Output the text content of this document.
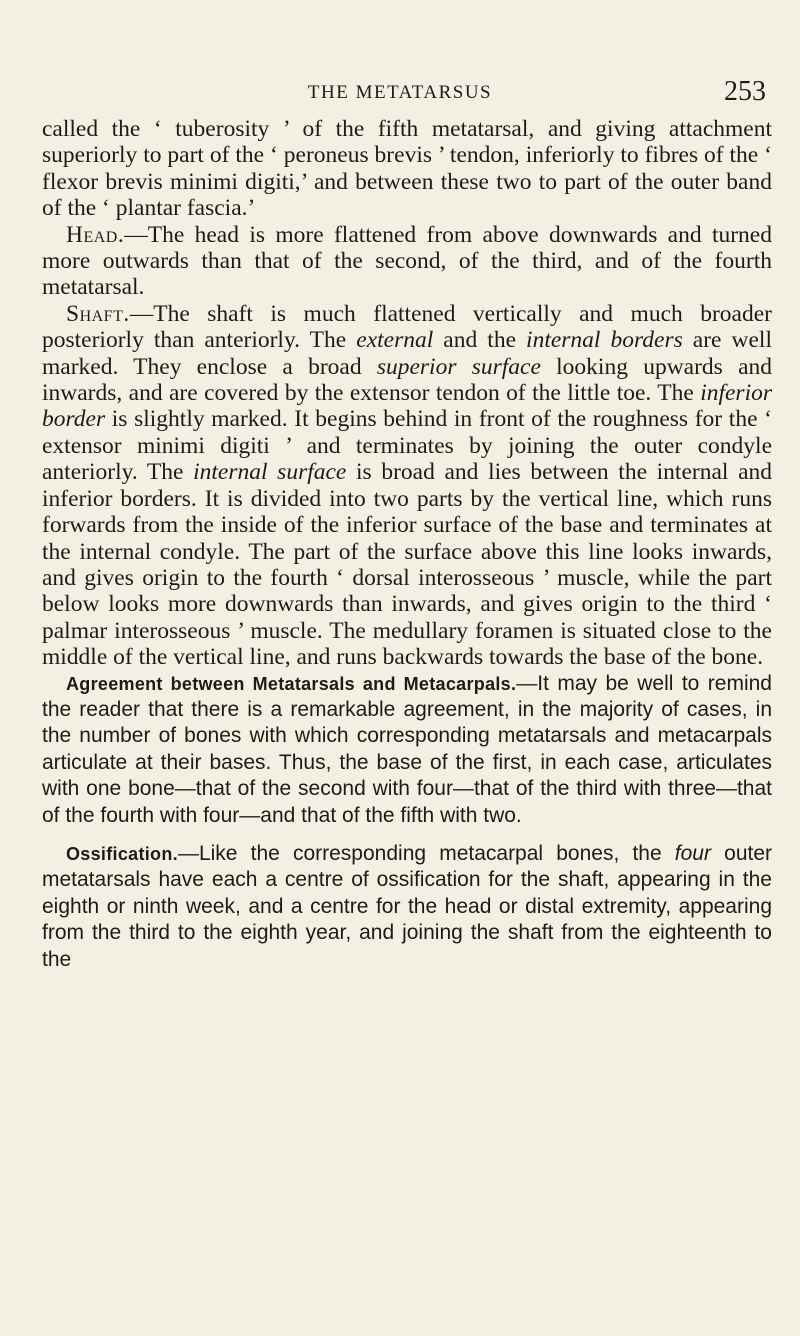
THE METATARSUS	253

called the ‘ tuberosity ’ of the fifth metatarsal, and giving attachment superiorly to part of the ‘ peroneus brevis ’ tendon, inferiorly to fibres of the ‘ flexor brevis minimi digiti,’ and between these two to part of the outer band of the ‘ plantar fascia.’

Head.—The head is more flattened from above downwards and turned more outwards than that of the second, of the third, and of the fourth metatarsal.

Shaft.—The shaft is much flattened vertically and much broader posteriorly than anteriorly. The external and the internal borders are well marked. They enclose a broad superior surface looking upwards and inwards, and are covered by the extensor tendon of the little toe. The inferior border is slightly marked. It begins behind in front of the roughness for the ‘ extensor minimi digiti ’ and terminates by joining the outer condyle anteriorly. The internal surface is broad and lies between the internal and inferior borders. It is divided into two parts by the vertical line, which runs forwards from the inside of the inferior surface of the base and terminates at the internal condyle. The part of the surface above this line looks inwards, and gives origin to the fourth ‘ dorsal interosseous ’ muscle, while the part below looks more downwards than inwards, and gives origin to the third ‘ palmar interosseous ’ muscle. The medullary foramen is situated close to the middle of the vertical line, and runs backwards towards the base of the bone.

Agreement between Metatarsals and Metacarpals.—It may be well to remind the reader that there is a remarkable agreement, in the majority of cases, in the number of bones with which corresponding metatarsals and metacarpals articulate at their bases. Thus, the base of the first, in each case, articulates with one bone—that of the second with four—that of the third with three—that of the fourth with four—and that of the fifth with two.

Ossification.—Like the corresponding metacarpal bones, the four outer metatarsals have each a centre of ossification for the shaft, appearing in the eighth or ninth week, and a centre for the head or distal extremity, appearing from the third to the eighth year, and joining the shaft from the eighteenth to the
